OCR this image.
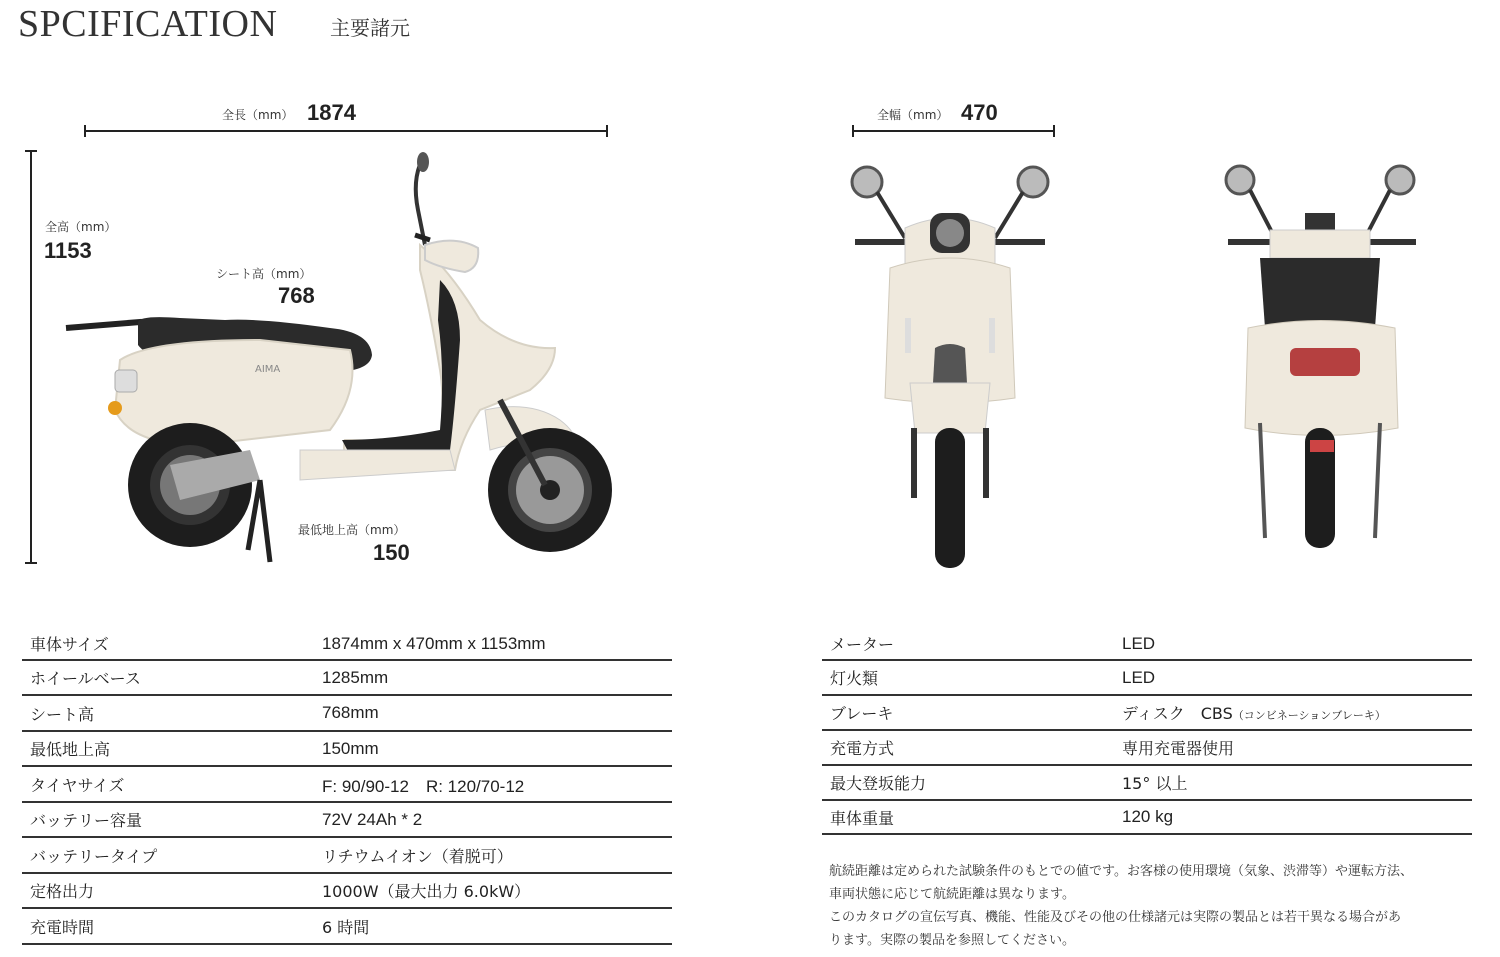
SPCIFICATION	主要諸元
全長（mm） 1874
全高（mm）
1153
シート高（mm）
768
最低地上高（mm）
150
AIMA
全幅（mm） 470
車体サイズ	1874mm x 470mm x 1153mm
ホイールベース	1285mm
シート高	768mm
最低地上高	150mm
タイヤサイズ	F: 90/90-12　R: 120/70-12
バッテリー容量	72V 24Ah * 2
バッテリータイプ	リチウムイオン（着脱可）
定格出力	1000W（最大出力 6.0kW）
充電時間	6 時間
メーター	LED
灯火類	LED
ブレーキ	ディスク　CBS（コンビネーションブレーキ）
充電方式	専用充電器使用
最大登坂能力	15° 以上
車体重量	120 kg
航続距離は定められた試験条件のもとでの値です。お客様の使用環境（気象、渋滞等）や運転方法、
車両状態に応じて航続距離は異なります。
このカタログの宣伝写真、機能、性能及びその他の仕様諸元は実際の製品とは若干異なる場合があ
ります。実際の製品を参照してください。
